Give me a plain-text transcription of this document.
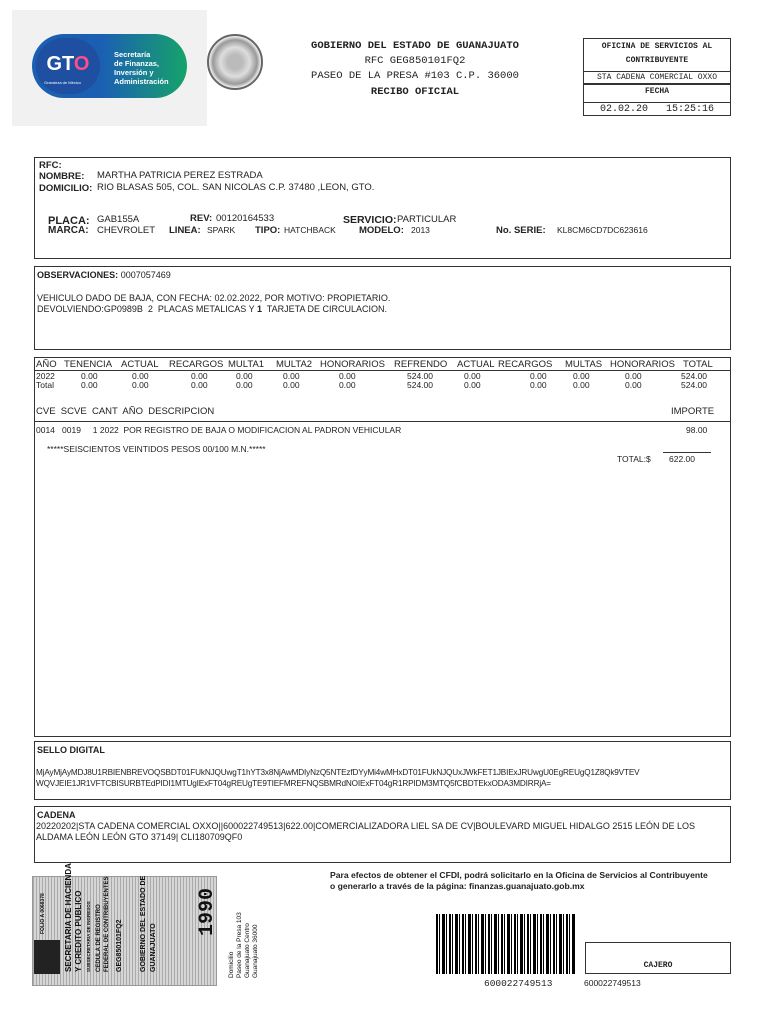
GTO
Grandeza de México
Secretaría
de Finanzas,
Inversión y
Administración
GOBIERNO DEL ESTADO DE GUANAJUATO
RFC GEG850101FQ2
PASEO DE LA PRESA #103 C.P. 36000
RECIBO OFICIAL
OFICINA DE SERVICIOS AL
CONTRIBUYENTE
STA CADENA COMERCIAL OXXO
FECHA
02.02.20 15:25:16
RFC:
NOMBRE: MARTHA PATRICIA PEREZ ESTRADA
DOMICILIO: RIO BLASAS 505, COL. SAN NICOLAS C.P. 37480 ,LEON, GTO.
PLACA: GAB155A	REV: 00120164533	SERVICIO: PARTICULAR
MARCA: CHEVROLET LINEA: SPARK TIPO: HATCHBACK MODELO: 2013	No. SERIE: KL8CM6CD7DC623616
OBSERVACIONES: 0007057469
VEHICULO DADO DE BAJA, CON FECHA: 02.02.2022, POR MOTIVO: PROPIETARIO.
DEVOLVIENDO:GP0989B  2  PLACAS METALICAS Y 1  TARJETA DE CIRCULACION.
AÑO TENENCIA ACTUAL RECARGOS MULTA1 MULTA2 HONORARIOS REFRENDO ACTUAL RECARGOS MULTAS HONORARIOS TOTAL
2022	0.00	0.00	0.00	0.00	0.00	0.00	524.00	0.00	0.00	0.00	0.00	524.00
Total	0.00	0.00	0.00	0.00	0.00	0.00	524.00	0.00	0.00	0.00	0.00	524.00
CVE  SCVE  CANT  AÑO  DESCRIPCION	IMPORTE
0014 0019 1 2022 POR REGISTRO DE BAJA O MODIFICACION AL PADRON VEHICULAR	98.00
*****SEISCIENTOS VEINTIDOS PESOS 00/100 M.N.*****
TOTAL:$ 622.00
SELLO DIGITAL
MjAyMjAyMDJ8U1RBIENBREVOQSBDT01FUkNJQUwgT1hYT3x8NjAwMDIyNzQ5NTEzfDYyMi4wMHxDT01FUkNJQUxJWkFET1JBIExJRUwgU0EgREUgQ1Z8Qk9VTEV
WQVJEIE1JR1VFTCBISURBTEdPIDI1MTUgIExFT04gREUgTE9TIEFMREFNQSBMRdNOIExFT04gR1RPIDM3MTQ5fCBDTEkxODA3MDIRRjA=
CADENA
20220202|STA CADENA COMERCIAL OXXO||600022749513|622.00|COMERCIALIZADORA LIEL SA DE CV|BOULEVARD MIGUEL HIDALGO 2515 LEÓN DE LOS
ALDAMA LEÓN LEÓN GTO 37149| CLI180709QF0
FOLIO A 0068378 SECRETARIA DE HACIENDA Y CREDITO PUBLICO SUBSECRETARIA DE INGRESOS CEDULA DE REGISTRO FEDERAL DE CONTRIBUYENTES GEG850101FQ2 GOBIERNO DEL ESTADO DE GUANAJUATO
1990
Domicilio Paseo de la Presa 103 Guanajuato Centro Guanajuato 36000
Para efectos de obtener el CFDI, podrá solicitarlo en la Oficina de Servicios al Contribuyente
o generarlo a través de la página: finanzas.guanajuato.gob.mx
600022749513
CAJERO
600022749513
